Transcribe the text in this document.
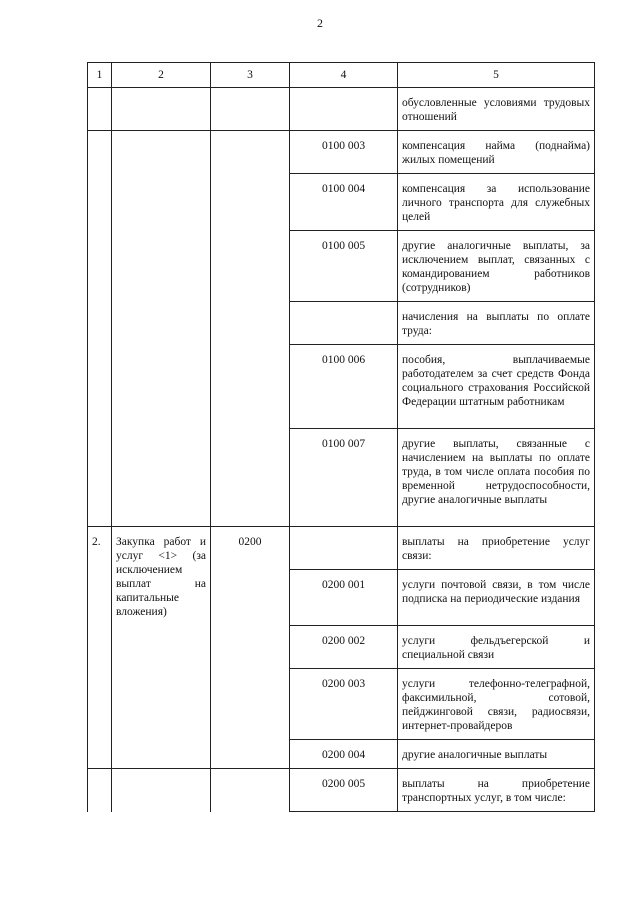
2
1	2	3	4	5
				обусловленные условиями трудовых отношений
			0100 003	компенсация найма (поднайма) жилых помещений
			0100 004	компенсация за использование личного транспорта для служебных целей
			0100 005	другие аналогичные выплаты, за исключением выплат, связанных с командированием работников (сотрудников)
				начисления на выплаты по оплате труда:
			0100 006	пособия, выплачиваемые работодателем за счет средств Фонда социального страхования Российской Федерации штатным работникам
			0100 007	другие выплаты, связанные с начислением на выплаты по оплате труда, в том числе оплата пособия по временной нетрудоспособности, другие аналогичные выплаты
2.	Закупка работ и услуг <1> (за исключением выплат на капитальные вложения)	0200		выплаты на приобретение услуг связи:
			0200 001	услуги почтовой связи, в том числе подписка на периодические издания
			0200 002	услуги фельдъегерской и специальной связи
			0200 003	услуги телефонно-телеграфной, факсимильной, сотовой, пейджинговой связи, радиосвязи, интернет-провайдеров
			0200 004	другие аналогичные выплаты
			0200 005	выплаты на приобретение транспортных услуг, в том числе:
